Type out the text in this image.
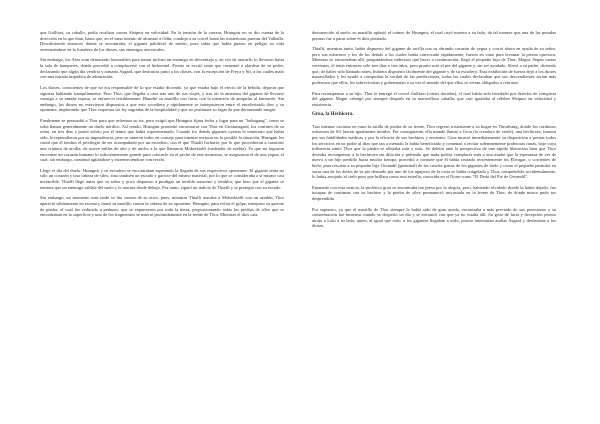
que Gullfaxi, su caballo, podía rivalizar contra Sleipnir en velocidad. En la tensión de la carrera, Hrungnir no se dio cuenta de la dirección en la que iban, hasta que, en el vano intento de alcanzar a Odín, condujo a su corcel hasta las misteriosas puertas del Valhalla. Descubriendo entonces dónde se encontraba, el gigante palideció de miedo, pues sabía que había puesto en peligro su vida aventurándose en la fortaleza de los dioses, sus enemigos ancestrales.

Sin embargo, los Ases eran demasiado honorables para tomar incluso un enemigo en desventaja y, en vez de atacarle, lo llevaron hasta la sala de banquetes, donde procedió a complacerse con el hidromiel. Pronto se excitó tanto que comenzó a alardear de su poder, declarando que algún día vendría y tomaría Asgard, que destruiría junto a los dioses, con la excepción de Freya y Sif, a las cuales malo con una mirada impúdica de admiración.

Los dioses, conscientes de que no era responsable de lo que estaba diciendo, ya que estaba bajo el efecto de la bebida, dejaron que siguiera hablando tranquilamente. Pero Thor, que llegaba a casa tras uno de sus viajes, y tras oír la amenaza del gigante de llevarse consigo a su amada esposa, se enfureció terriblemente. Blandió su martillo con furia, con la intención de aniquilar al fanfarrón. Sin embargo, los dioses no estuvieron dispuestos a que esto sucediera y rápidamente se interpusieron entre el encolerizado dios y su oponente, implorando que Thor respetara las ley sagradas de la hospitalidad y que no profanara su lugar de paz derramando sangre.

Finalmente se persuadió a Thor para que refrenara su ira, pero exigió que Hrungnir fijara fecha y lugar para un "holmgang", como se solía llamar generalmente un duelo nórdico. Así retado, Hrungnir prometió encontrarse con Thor en Grottunagard, los confines de su reino, en tres días y partió sobrio por el temor que había experimentado. Cuando los demás gigantes oyeron lo temerario que había sido, le reprendieron por su imprudencia, pero se unieron todos en consejo para intentar mejorar en lo posible la situación. Hrungnir les contó que él tendría el privilegio de ser acompañado por un escudero, con el que Thialfi lucharía, por lo que procedieron a construir una criatura de arcilla, de nueve millas de alto y de ancho a la que llamaron Mokerkialfi (vadeador de niebla). Ya que no lograron encontrar un corazón humano lo suficientemente grande para colocarlo en el pecho de este monstruo, se aseguraron el de una yegua, el cual, sin embargo, continuó agitándose y estremeciéndose con recelo.

Llegó el día del duelo. Hrungnir y su escudero se encontraban esperando la llegada de sus respectivos oponentes. El gigante tenía no sólo un corazón y una cabeza de sílex, sino también un escudo y garrote del mismo material, por lo que se consideraba a sí mismo casi invencible. Thialfi llegó antes que su señor y poco dispuesto a prodigar un terrible trastorno y temblor, que hizo que el gigante se temiera que un enemigo saldría del suelo y le atacara desde debajo. Por tanto, siguió un indicio de Thialfi y se protegió con su escudo.

Sin embargo, un momento más tarde se dio cuenta de su error, pues, mientras Thialfi atacaba a Mokerkialfi con un azadón, Thor apareció súbitamente en escena y lanzó su martillo contra la cabeza de su oponente. Hrungnir, para evitar el golpe, interpuso su garrote de piedra, el cual fue reducido a pedazos, que se esparcieron por toda la tierra, proporcionando todas las piedras de sílex que se encontraban en la superficie y uno de los fragmentos se insertó profundamente en la frente de Thor. Mientras el dios caía

desvanecido al suelo, su martillo aplastó el cráneo de Hrungnir, el cual cayó muerto a su lado, de tal manera que una de las pesadas piernas fue a parar sobre el dios postrado.

Thialfi, mientras tanto, había dispuesto del gigante de arcilla con su obrando corazón de yegua y corrió ahora en ayuda de su señor, pero sus esfuerzos y los de los demás a los cuales había convocado rápidamente, fueron en vano para levantar la pierna opresora. Mientras se encontraban allí, preguntándose indecisos qué hacer a continuación, llegó el pequeño hijo de Thor, Magni. Según varias versiones, él tenía entonces sólo tres días o tres años, pero pronto asió el pie del gigante y, sin ser ayudado, liberó a su padre, diciendo que, de haber sido llamado antes, hubiera dispuesto fácilmente del gigante y de su escudero. Esta exhibición de fuerza dejó a los dioses maravillados y les ayudó a comprobar la verdad de las predicciones, todas las cuales declaraban que sus descendientes serían más poderosos que ellos, les sobrevivirían y gobernarían a su vez el mundo del que ellos se verían obligados a retirarse.

Para recompensar a su hijo, Thor le entregó el corcel Gullfaxi (crines doradas), el cual había sido heredado por derecho de conquista del gigante. Magni cabalgó por siempre después en su maravilloso caballo, que casi igualaba al célebre Sleipnir en velocidad y resistencia.

Groa, la Hechicera.

Tras intentar vaciarse en vano la astilla de piedra de su frente, Thor regresó tristemente a su hogar en Thrudvang, donde los cariñosos esfuerzos de Sif fueron igualmente inútiles. Por consiguiente, ella mandó llamar a Groa (la creadora de verde), una hechicera, famosa por sus habilidades médicas y por la eficacia de sus hechizos y encantos. Groa mostró inmediatamente su disposición a prestar todos los servicios en su poder al dios que tan a menudo la había beneficiado y comenzó a recitar solemnemente poderosas runas, bajo cuya influencia sintió Thor que la piedra se aflojaba más y más. Se deleitó ante la perspectiva de una rápida liberación bien que Thor deseaba recompensar a la hechicera sin dilación y pidiendo que nada podría complacer más a una madre que la esperanza de ver de nuevo a un hijo perdido hacía mucho tiempo, procedió a contarle que él había cruzado recientemente los Elivagar, o corrientes de hielo, para rescatar a su pequeño hijo Orvandil (germinal) de las crueles garras de los gigantes de hielo y como el pequeño permitió en sacar una de los dedos de su pie desnudo por uno de los agujeros de la cesta se había congelado y Thor, rompiéndolo accidentalmente, lo había arrojado al cielo pues que brillara como una estrella, conocida en el Norte como "El Dedo del Pie de Orvandil".

Emanado con esta noticia, la profética groa se encontraba tan presa por la alegría, pero, habiendo olvidado donde la había dejado, fue incapaz de continuar con su hechizo y la piedra de sílex permaneció incrustada en la frente de Thor, de donde nunca pudo ser desprendida.

Por supuesto, ya que el martillo de Thor siempre le había sido de gran ayuda, encontraba a más preciado de sus posesiones y su consternación fue inmensa cuando se despertó un día y se encontró con que ya no estaba allí. Su grito de furia y decepción pronto atrajo a Loki a su lado, quien, al igual que todo, a los gigantes llegaban a oírlo, pronto intentarían asaltar Asgard y destruirían a los dioses.
